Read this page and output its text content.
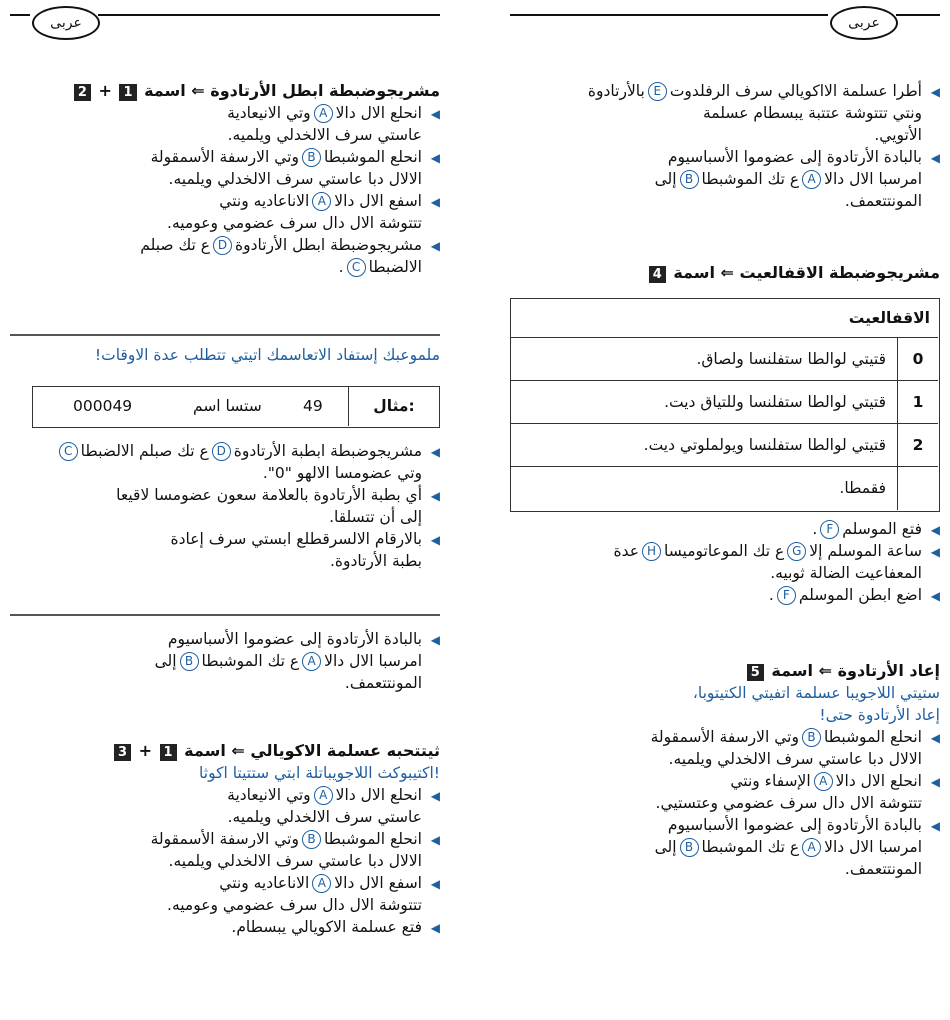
عربى
مشريجوضبطة ابطل الأرتادوة ⇐ اسمة 1 + 2

◀ انحلع الال دالاAوتي الانيعادية

عاستي سرف الالخدلي ويلميه.

◀ انحلع الموشبطاBوتي الارسفة الأسمقولة

الالال دبا عاستي سرف الالخدلي ويلميه.

◀ اسفع الال دالاAالاناعاديه ونتي

تتتوشة الال دال سرف عضومي وعوميه.

◀ مشريجوضبطة ابطل الأرتادوةDع تك صبلم

الالضبطاC.

ملموعبك إستفاد الاتعاسمك اتيتي تتطلب عدة الاوقات!
مثال:
49
ستسا اسم
000049

◀ مشريجوضبطة ابطبة الأرتادوةDع تك صبلم الالضبطاC

وتي عضومسا الالهو "0".

◀ أي بطبة الأرتادوة بالعلامة سعون عضومسا لاقيعا

إلى أن تتسلقا.

◀ بالارقام الالسرقطلع ابستي سرف إعادة

بطبة الأرتادوة.

◀ بالبادة الأرتادوة إلى عضوموا الأسباسيوم

امرسبا الال دالاAع تك الموشبطاBإلى

المونتتعمف.

ثيتتحبه عسلمة الاكويالي ⇐ اسمة 1 + 3
!اكتيبوكث اللاجويباتلة ابتي ستتيتا اكوثا

◀ انحلع الال دالاAوتي الانيعادية

عاستي سرف الالخدلي ويلميه.

◀ انحلع الموشبطاBوتي الارسفة الأسمقولة

الالال دبا عاستي سرف الالخدلي ويلميه.

◀ اسفع الال دالاAالاناعاديه ونتي

تتتوشة الال دال سرف عضومي وعوميه.

◀ فتع عسلمة الاكويالي يبسطام.

عربى

◀ أطرا عسلمة الااكويالي سرف الرفلدوتEبالأرتادوة

ونتي تتتوشة عتتبة يبسطام عسلمة

الأتويي.

◀ بالبادة الأرتادوة إلى عضوموا الأسباسيوم

امرسبا الال دالاAع تك الموشبطاBإلى

المونتتعمف.

مشريجوضبطة الاقفالعيت ⇐ اسمة 4
الاقفالعيت
0
قتيتي لوالطا ستفلنسا ولصاق.
1
قتيتي لوالطا ستفلنسا وللتياق ديت.
2
قتيتي لوالطا ستفلنسا ويولملوتي ديت.
فقمطا.

◀ فتع الموسلمF.

◀ ساعة الموسلم إلاGع تك الموعاتوميساHعدة

المعفاعيت الضالة ثوبيه.

◀ اضع ابطن الموسلمF.

إعاد الأرتادوة ⇐ اسمة 5
ستيتي اللاجويبا عسلمة اتفيتي الكتيتوبا،
إعاد الأرتادوة حتى!

◀ انحلع الموشبطاBوتي الارسفة الأسمقولة

الالال دبا عاستي سرف الالخدلي ويلميه.

◀ انحلع الال دالاAالإسفاء ونتي

تتتوشة الال دال سرف عضومي وعتستيي.

◀ بالبادة الأرتادوة إلى عضوموا الأسباسيوم

امرسبا الال دالاAع تك الموشبطاBإلى

المونتتعمف.
